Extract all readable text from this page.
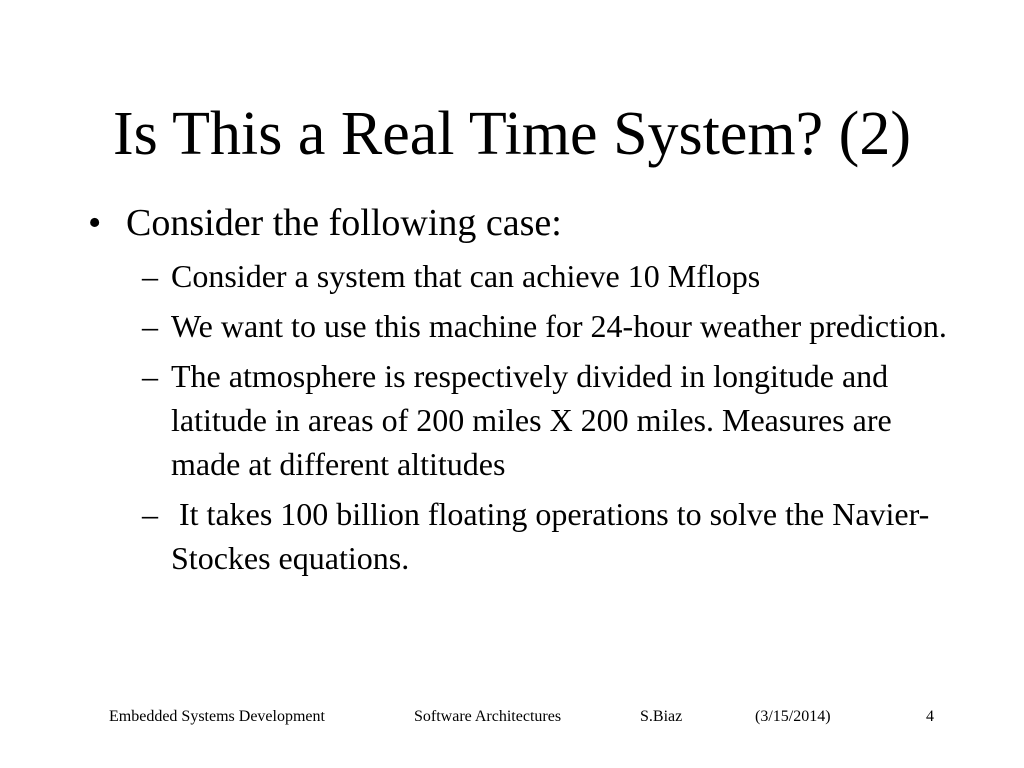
Is This a Real Time System? (2)
• Consider the following case:
– Consider a system that can achieve 10 Mflops
– We want to use this machine for 24-hour weather prediction.
– The atmosphere is respectively divided in longitude and latitude in areas of 200 miles X 200 miles. Measures are made at different altitudes
– It takes 100 billion floating operations to solve the Navier-Stockes equations.
Embedded Systems Development	Software Architectures	S.Biaz	(3/15/2014)	4
